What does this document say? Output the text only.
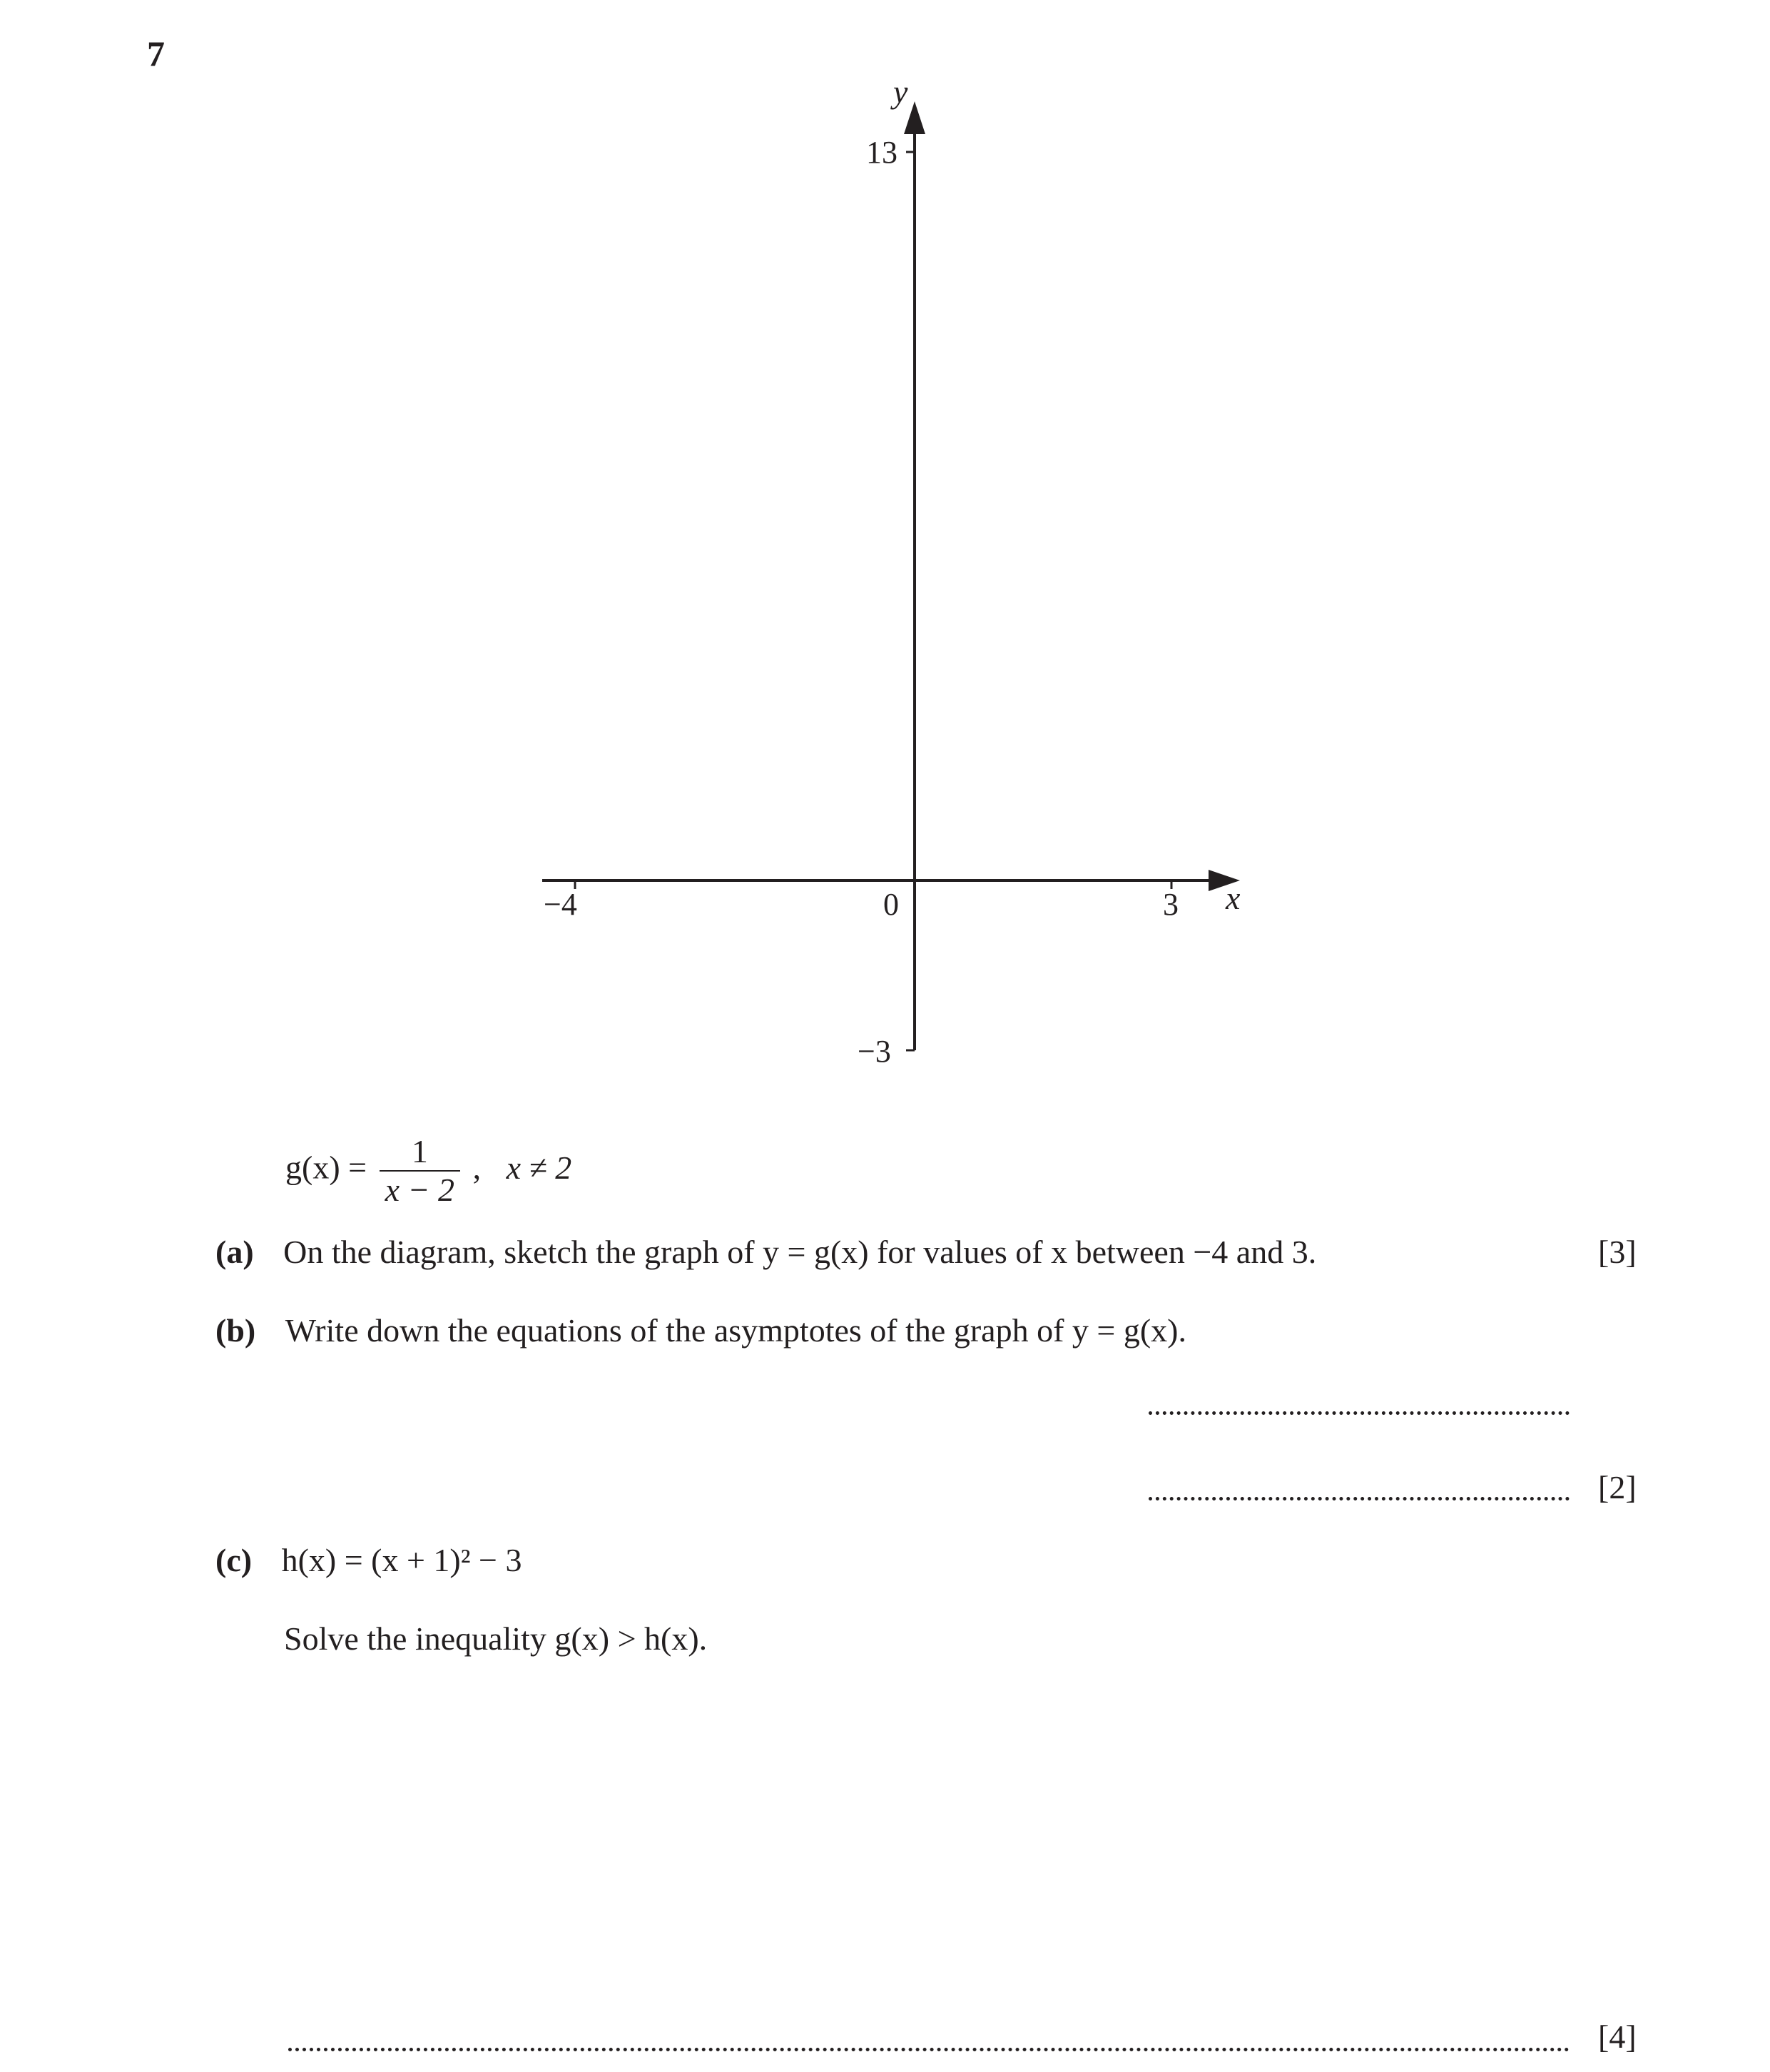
7
y
x
13
−3
−4	0	3
$g(x) = \frac{1}{x - 2}$ , x ≠ 2
(a) On the diagram, sketch the graph of y = g(x) for values of x between −4 and 3.	[3]
(b) Write down the equations of the asymptotes of the graph of y = g(x).
[2]
(c) h(x) = (x + 1)² − 3
Solve the inequality g(x) > h(x).
[4]
